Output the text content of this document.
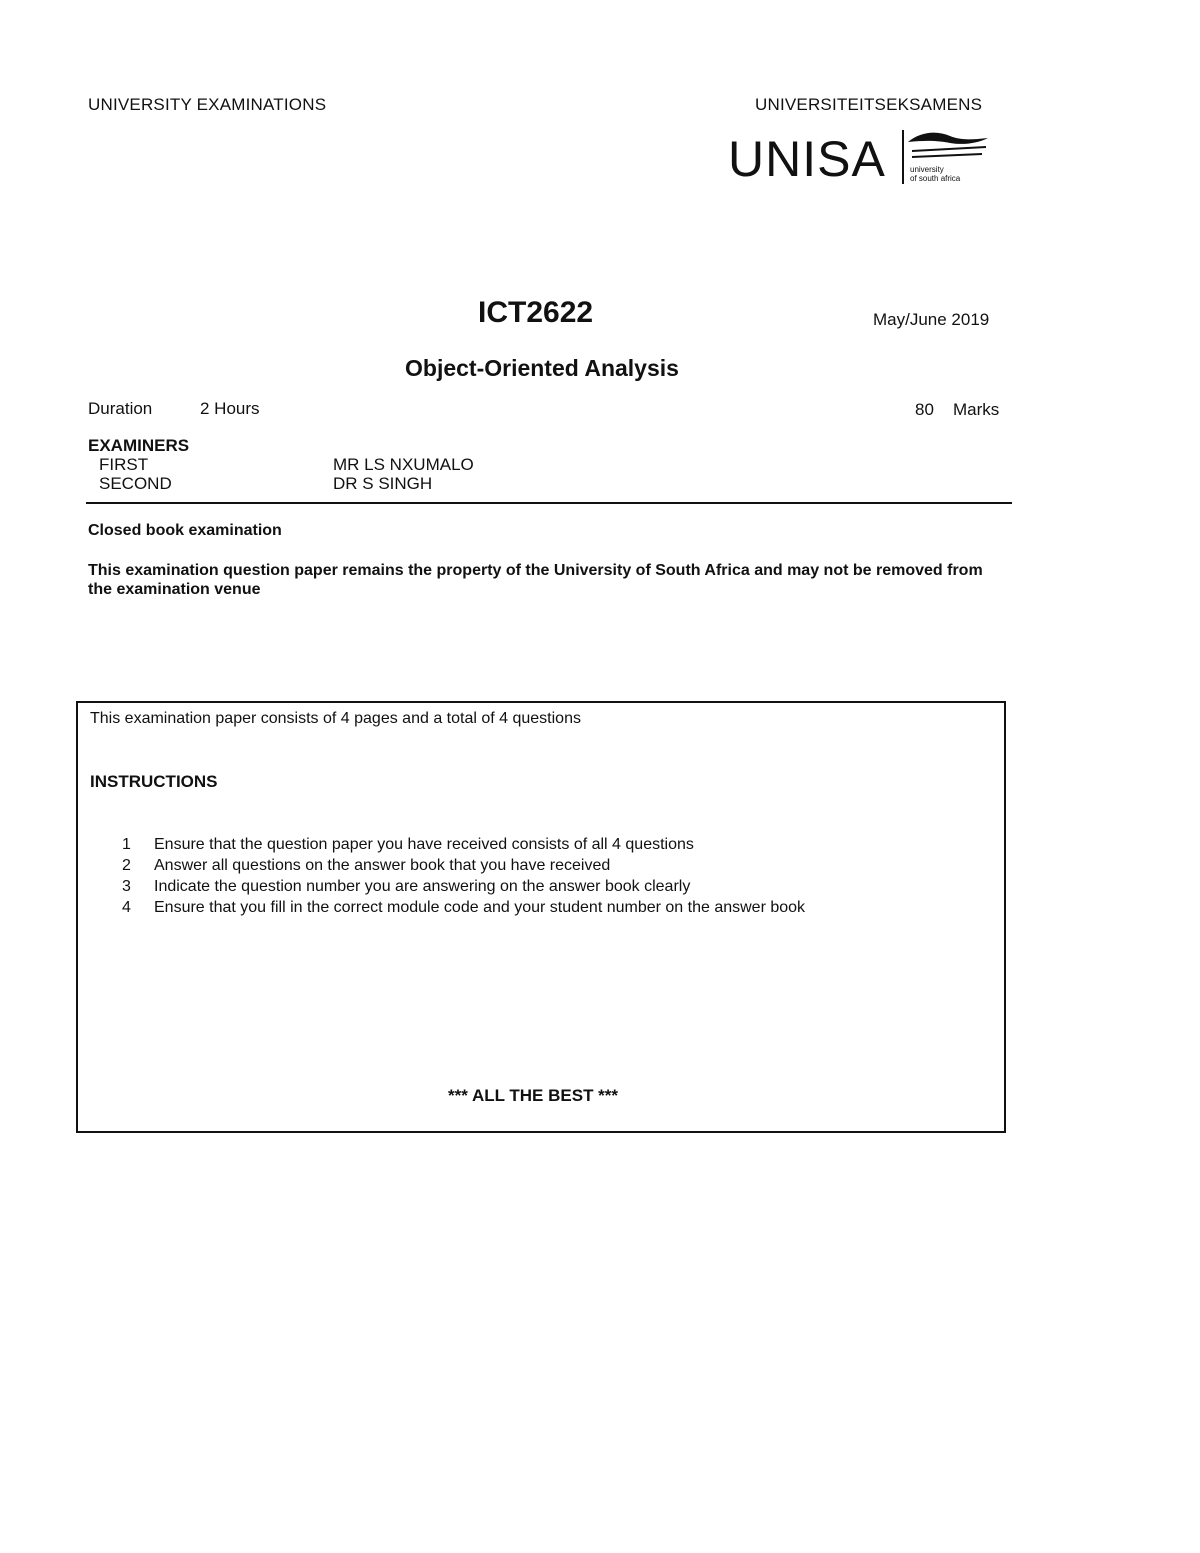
UNIVERSITY EXAMINATIONS	UNIVERSITEITSEKSAMENS
UNISA	university
of south africa
ICT2622	May/June 2019
Object-Oriented Analysis
Duration	2 Hours	80 Marks
EXAMINERS
FIRST	MR LS NXUMALO
SECOND	DR S SINGH
Closed book examination
This examination question paper remains the property of the University of South Africa and may not be removed from the examination venue
This examination paper consists of 4 pages and a total of 4 questions
INSTRUCTIONS
1 Ensure that the question paper you have received consists of all 4 questions
2 Answer all questions on the answer book that you have received
3 Indicate the question number you are answering on the answer book clearly
4 Ensure that you fill in the correct module code and your student number on the answer book
*** ALL THE BEST ***
